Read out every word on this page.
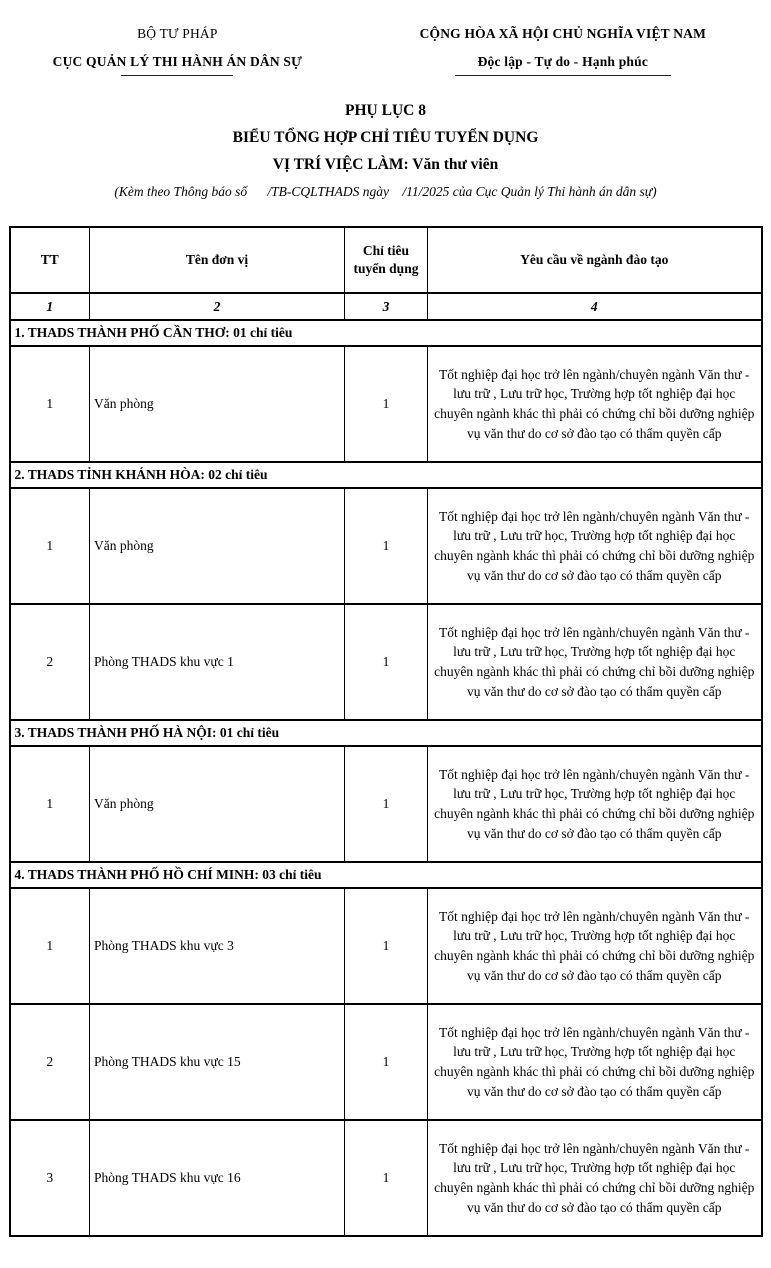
BỘ TƯ PHÁP
CỤC QUẢN LÝ THI HÀNH ÁN DÂN SỰ
CỘNG HÒA XÃ HỘI CHỦ NGHĨA VIỆT NAM
Độc lập - Tự do - Hạnh phúc
PHỤ LỤC 8
BIỂU TỔNG HỢP CHỈ TIÊU TUYỂN DỤNG
VỊ TRÍ VIỆC LÀM: Văn thư viên
(Kèm theo Thông báo số      /TB-CQLTHADS ngày    /11/2025 của Cục Quản lý Thi hành án dân sự)
TT	Tên đơn vị	Chỉ tiêu tuyển dụng	Yêu cầu về ngành đào tạo
1	2	3	4
1. THADS THÀNH PHỐ CẦN THƠ: 01 chỉ tiêu			
1	Văn phòng	1	Tốt nghiệp đại học trở lên ngành/chuyên ngành Văn thư - lưu trữ , Lưu trữ học, Trường hợp tốt nghiệp đại học chuyên ngành khác thì phải có chứng chỉ bồi dưỡng nghiệp vụ văn thư do cơ sở đào tạo có thẩm quyền cấp
2. THADS TỈNH KHÁNH HÒA: 02 chỉ tiêu			
1	Văn phòng	1	Tốt nghiệp đại học trở lên ngành/chuyên ngành Văn thư - lưu trữ , Lưu trữ học, Trường hợp tốt nghiệp đại học chuyên ngành khác thì phải có chứng chỉ bồi dưỡng nghiệp vụ văn thư do cơ sở đào tạo có thẩm quyền cấp
2	Phòng THADS khu vực 1	1	Tốt nghiệp đại học trở lên ngành/chuyên ngành Văn thư - lưu trữ , Lưu trữ học, Trường hợp tốt nghiệp đại học chuyên ngành khác thì phải có chứng chỉ bồi dưỡng nghiệp vụ văn thư do cơ sở đào tạo có thẩm quyền cấp
3. THADS THÀNH PHỐ HÀ NỘI: 01 chỉ tiêu			
1	Văn phòng	1	Tốt nghiệp đại học trở lên ngành/chuyên ngành Văn thư - lưu trữ , Lưu trữ học, Trường hợp tốt nghiệp đại học chuyên ngành khác thì phải có chứng chỉ bồi dưỡng nghiệp vụ văn thư do cơ sở đào tạo có thẩm quyền cấp
4. THADS THÀNH PHỐ HỒ CHÍ MINH: 03 chỉ tiêu			
1	Phòng THADS khu vực 3	1	Tốt nghiệp đại học trở lên ngành/chuyên ngành Văn thư - lưu trữ , Lưu trữ học, Trường hợp tốt nghiệp đại học chuyên ngành khác thì phải có chứng chỉ bồi dưỡng nghiệp vụ văn thư do cơ sở đào tạo có thẩm quyền cấp
2	Phòng THADS khu vực 15	1	Tốt nghiệp đại học trở lên ngành/chuyên ngành Văn thư - lưu trữ , Lưu trữ học, Trường hợp tốt nghiệp đại học chuyên ngành khác thì phải có chứng chỉ bồi dưỡng nghiệp vụ văn thư do cơ sở đào tạo có thẩm quyền cấp
3	Phòng THADS khu vực 16	1	Tốt nghiệp đại học trở lên ngành/chuyên ngành Văn thư - lưu trữ , Lưu trữ học, Trường hợp tốt nghiệp đại học chuyên ngành khác thì phải có chứng chỉ bồi dưỡng nghiệp vụ văn thư do cơ sở đào tạo có thẩm quyền cấp
